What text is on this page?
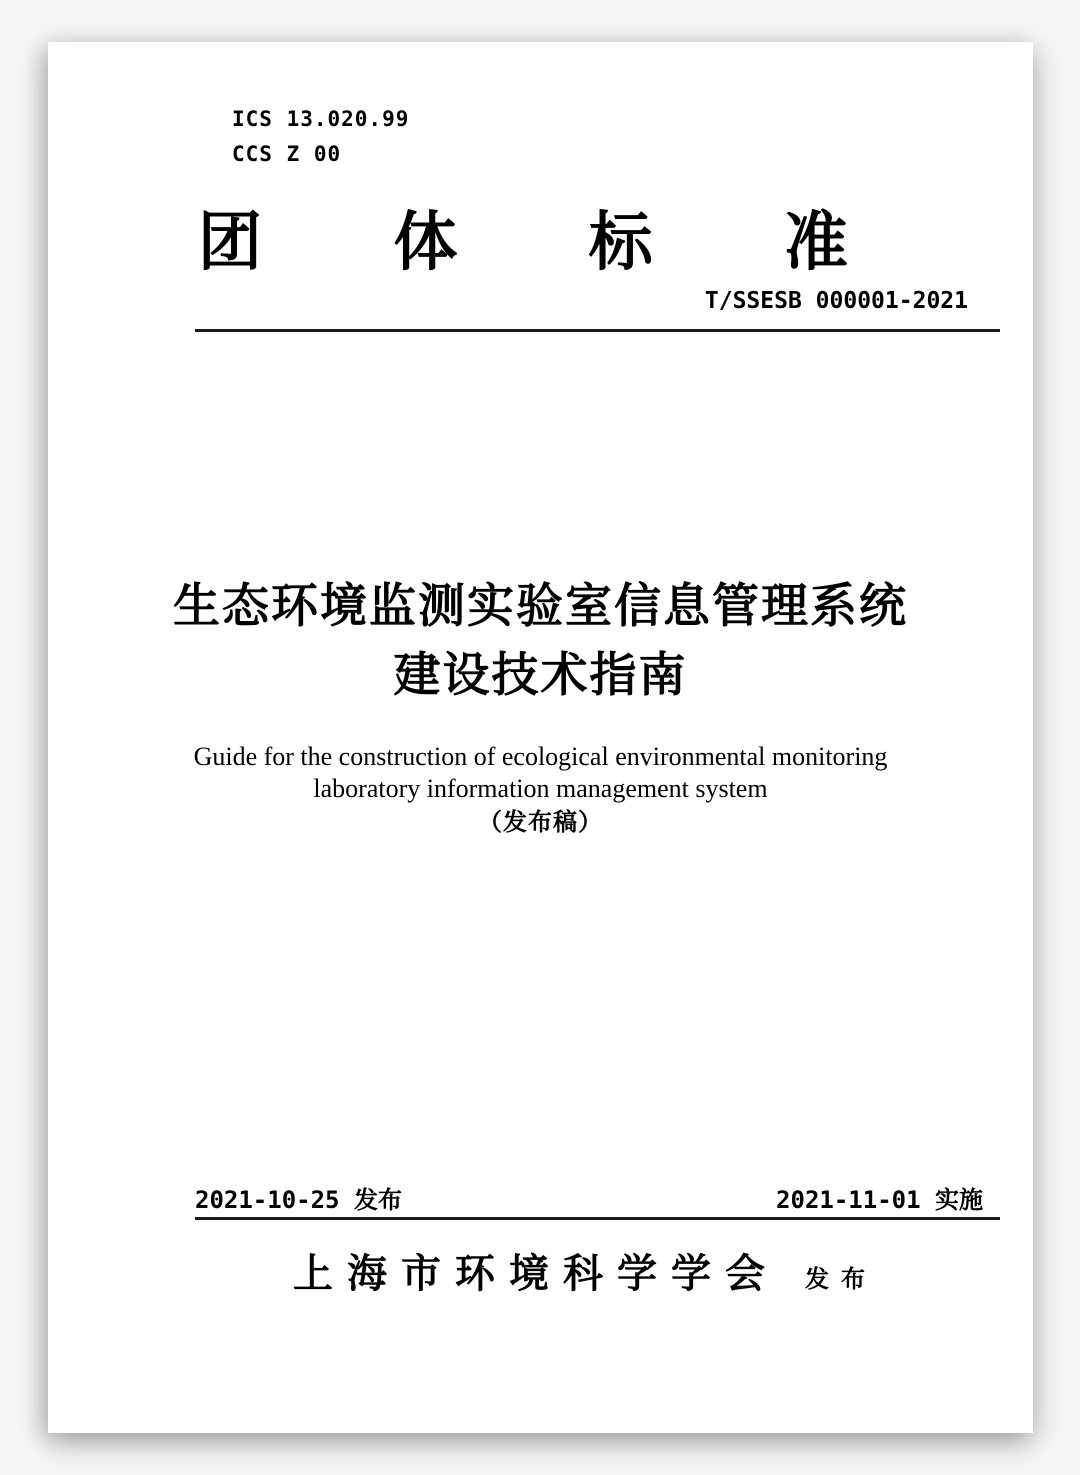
ICS 13.020.99
CCS Z 00
团 体 标 准
T/SSESB 000001-2021
生态环境监测实验室信息管理系统
建设技术指南
Guide for the construction of ecological environmental monitoring
laboratory information management system
（发布稿）
2021-10-25 发布	2021-11-01 实施
上海市环境科学学会 发布
